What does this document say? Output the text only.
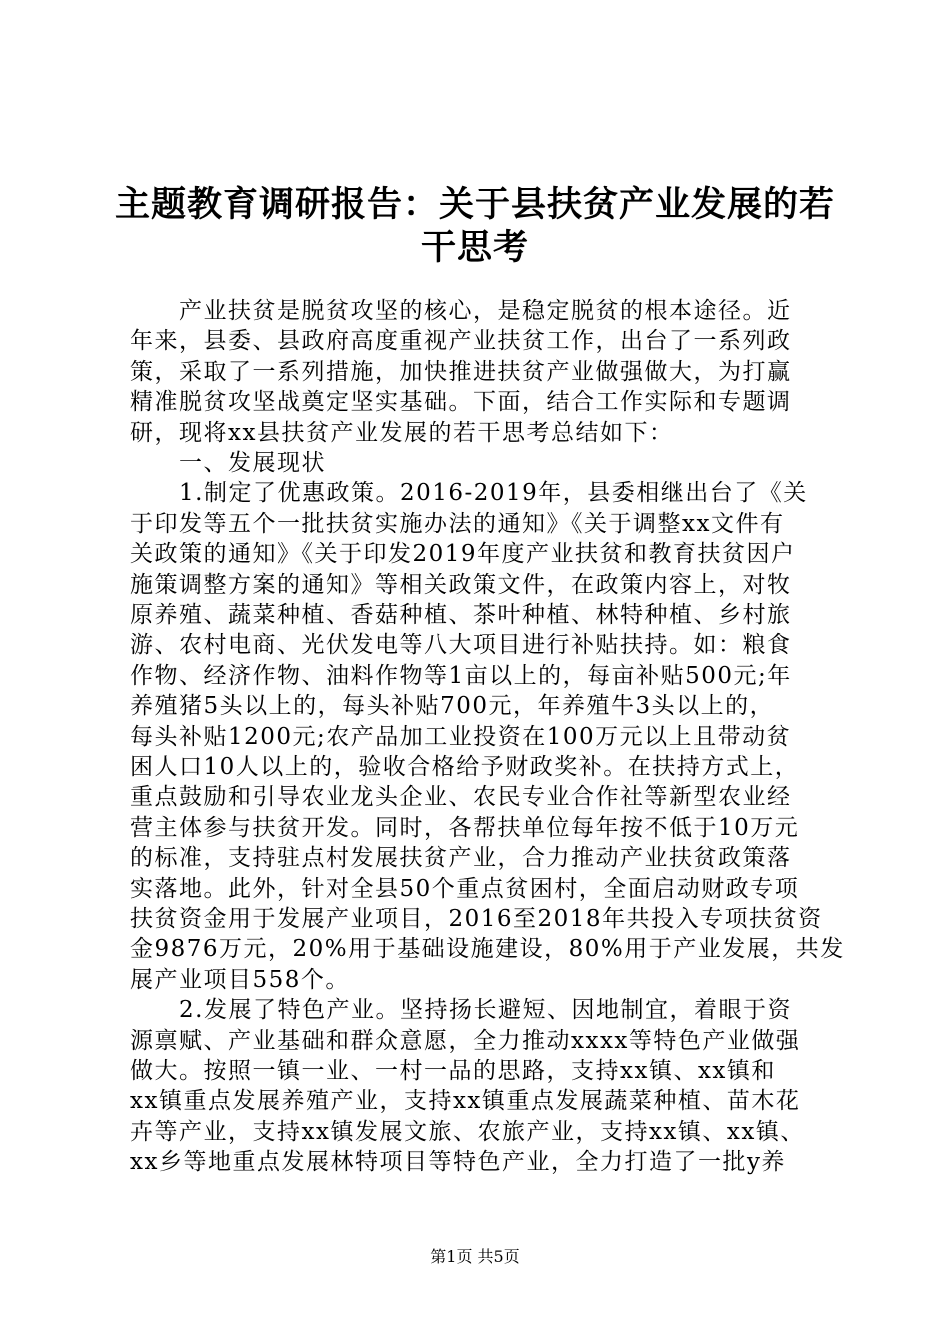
主题教育调研报告：关于县扶贫产业发展的若
干思考

　　产业扶贫是脱贫攻坚的核心，是稳定脱贫的根本途径。近

年来，县委、县政府高度重视产业扶贫工作，出台了一系列政

策，采取了一系列措施，加快推进扶贫产业做强做大，为打赢

精准脱贫攻坚战奠定坚实基础。下面，结合工作实际和专题调

研，现将xx县扶贫产业发展的若干思考总结如下：

　　一、发展现状

　　1.制定了优惠政策。2016-2019年，县委相继出台了《关

于印发等五个一批扶贫实施办法的通知》《关于调整xx文件有

关政策的通知》《关于印发2019年度产业扶贫和教育扶贫因户

施策调整方案的通知》等相关政策文件，在政策内容上，对牧

原养殖、蔬菜种植、香菇种植、茶叶种植、林特种植、乡村旅

游、农村电商、光伏发电等八大项目进行补贴扶持。如：粮食

作物、经济作物、油料作物等1亩以上的，每亩补贴500元;年

养殖猪5头以上的，每头补贴700元，年养殖牛3头以上的，

每头补贴1200元;农产品加工业投资在100万元以上且带动贫

困人口10人以上的，验收合格给予财政奖补。在扶持方式上，

重点鼓励和引导农业龙头企业、农民专业合作社等新型农业经

营主体参与扶贫开发。同时，各帮扶单位每年按不低于10万元

的标准，支持驻点村发展扶贫产业，合力推动产业扶贫政策落

实落地。此外，针对全县50个重点贫困村，全面启动财政专项

扶贫资金用于发展产业项目，2016至2018年共投入专项扶贫资

金9876万元，20%用于基础设施建设，80%用于产业发展，共发

展产业项目558个。

　　2.发展了特色产业。坚持扬长避短、因地制宜，着眼于资

源禀赋、产业基础和群众意愿，全力推动xxxx等特色产业做强

做大。按照一镇一业、一村一品的思路，支持xx镇、xx镇和

xx镇重点发展养殖产业，支持xx镇重点发展蔬菜种植、苗木花

卉等产业，支持xx镇发展文旅、农旅产业，支持xx镇、xx镇、

xx乡等地重点发展林特项目等特色产业，全力打造了一批y养

第1页 共5页
